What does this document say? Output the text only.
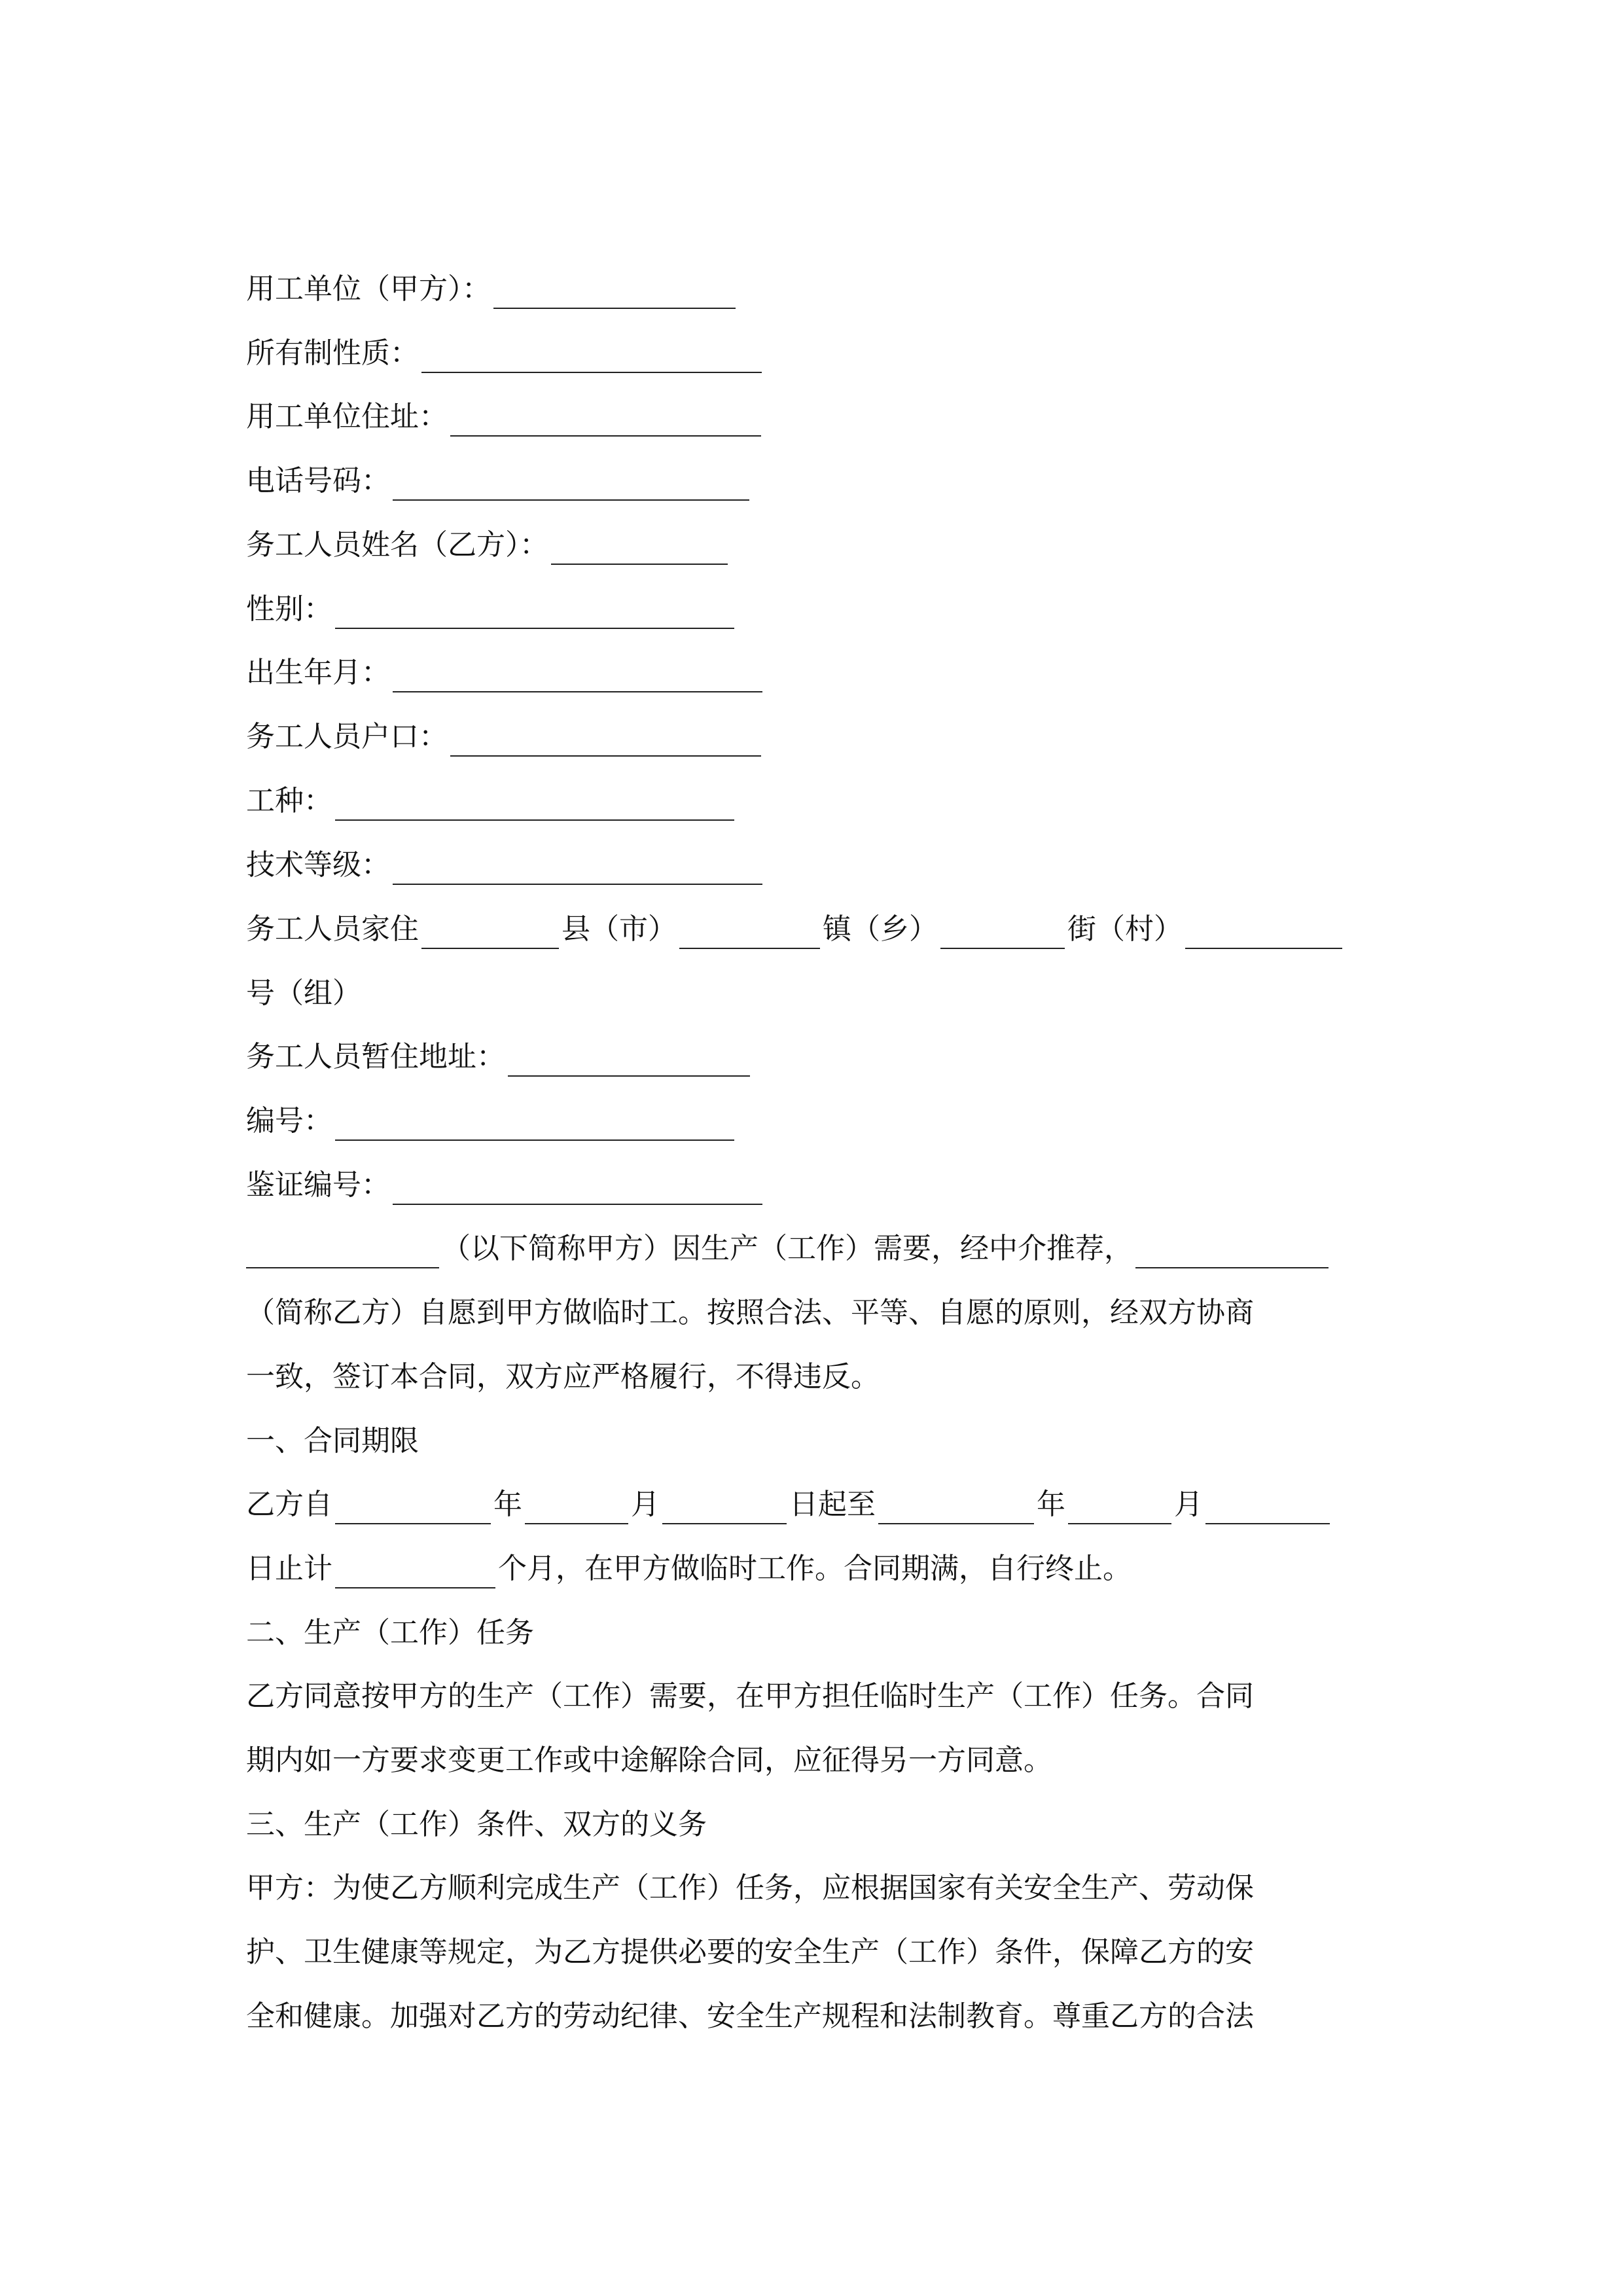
用工单位（甲方）：
所有制性质：
用工单位住址：
电话号码：
务工人员姓名（乙方）：
性别：
出生年月：
务工人员户口：
工种：
技术等级：
务工人员家住	县（市）	镇（乡）	街（村）
号（组）
务工人员暂住地址：
编号：
鉴证编号：
（以下简称甲方）因生产（工作）需要，经中介推荐，
（简称乙方）自愿到甲方做临时工。按照合法、平等、自愿的原则，经双方协商
一致，签订本合同，双方应严格履行，不得违反。
一、合同期限
乙方自	年	月	日起至	年	月
日止计	个月，在甲方做临时工作。合同期满，自行终止。
二、生产（工作）任务
乙方同意按甲方的生产（工作）需要，在甲方担任临时生产（工作）任务。合同
期内如一方要求变更工作或中途解除合同，应征得另一方同意。
三、生产（工作）条件、双方的义务
甲方：为使乙方顺利完成生产（工作）任务，应根据国家有关安全生产、劳动保
护、卫生健康等规定，为乙方提供必要的安全生产（工作）条件，保障乙方的安
全和健康。加强对乙方的劳动纪律、安全生产规程和法制教育。尊重乙方的合法
